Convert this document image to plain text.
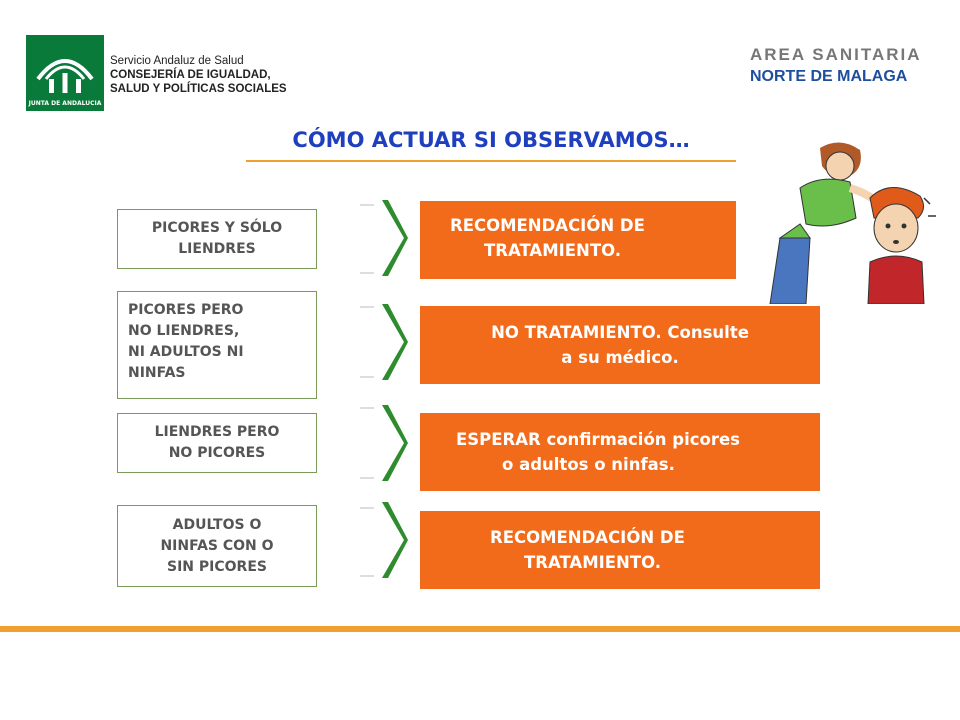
JUNTA DE ANDALUCIA
Servicio Andaluz de Salud
CONSEJERÍA DE IGUALDAD,
SALUD Y POLÍTICAS SOCIALES
AREA SANITARIA
NORTE DE MALAGA
CÓMO ACTUAR SI OBSERVAMOS…
PICORES Y SÓLO LIENDRES
RECOMENDACIÓN DE
TRATAMIENTO.
PICORES PERO
NO LIENDRES,
NI ADULTOS NI
NINFAS
NO TRATAMIENTO. Consulte
a su médico.
LIENDRES PERO
NO PICORES
ESPERAR confirmación picores
o adultos o ninfas.
ADULTOS O
NINFAS CON O
SIN PICORES
RECOMENDACIÓN DE
TRATAMIENTO.
